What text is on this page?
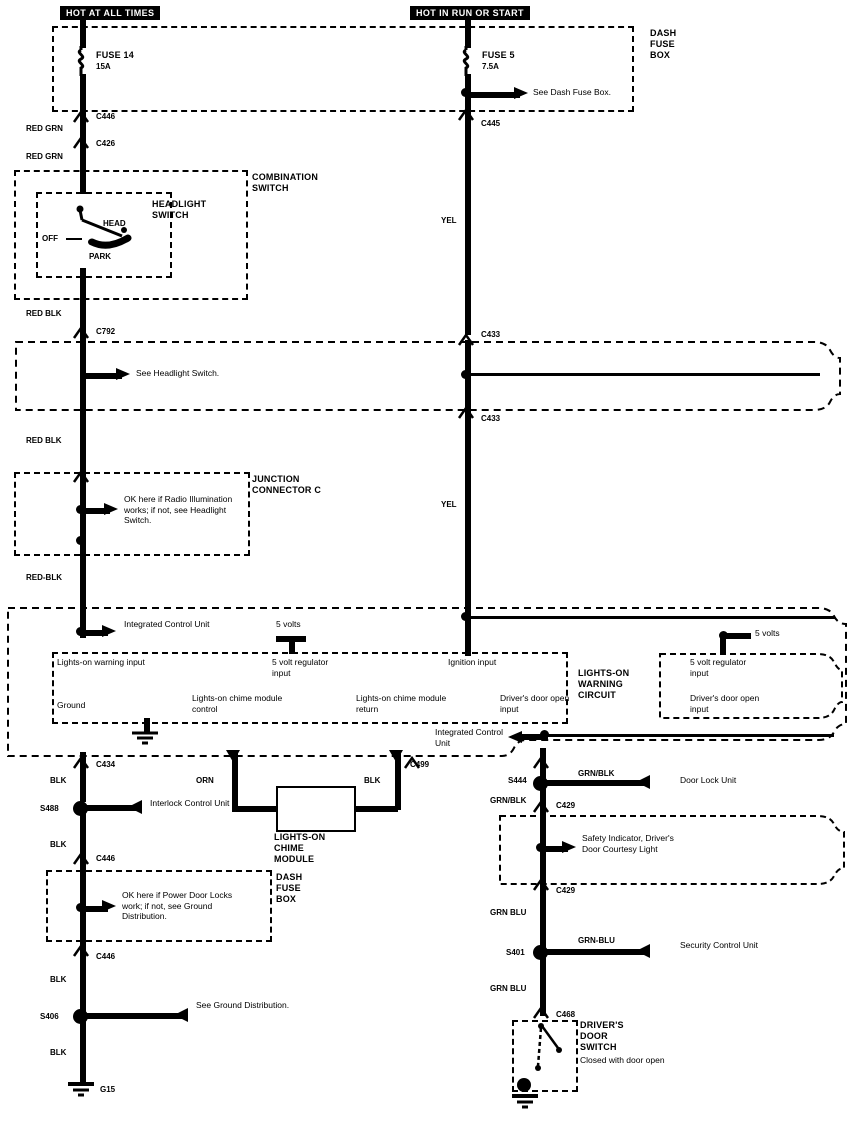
HOT AT ALL TIMES	HOT IN RUN OR START
DASH
FUSE
BOX
FUSE 14
15A
FUSE 5
7.5A
See Dash Fuse Box.
C446
RED GRN
C426
RED GRN
C445
YEL
COMBINATION
SWITCH
HEADLIGHT
SWITCH
OFF
HEAD
PARK
RED BLK
C792
See Headlight Switch.
C433
C433
RED BLK
JUNCTION
CONNECTOR C
OK here if Radio Illumination works; if not, see Headlight Switch.
RED-BLK
YEL
LIGHTS-ON
WARNING
CIRCUIT
Integrated Control Unit	5 volts
5 volts
Lights-on warning input	5 volt regulator input
Ignition input	5 volt regulator input
Ground
Lights-on chime module control
Lights-on chime module return
Driver's door open input
Driver's door open input
Integrated Control Unit
C434
BLK
S488
Interlock Control Unit
BLK
C446
DASH
FUSE
BOX
OK here if Power Door Locks work; if not, see Ground Distribution.
C446
BLK
S406
See Ground Distribution.
BLK
G15
ORN	BLK
C499
LIGHTS-ON
CHIME
MODULE
S444
GRN/BLK
Door Lock Unit
GRN/BLK
C429
Safety Indicator, Driver's Door Courtesy Light
C429
GRN BLU
S401
GRN-BLU	Security Control Unit
GRN BLU
C468
DRIVER'S
DOOR
SWITCH
Closed with door open
